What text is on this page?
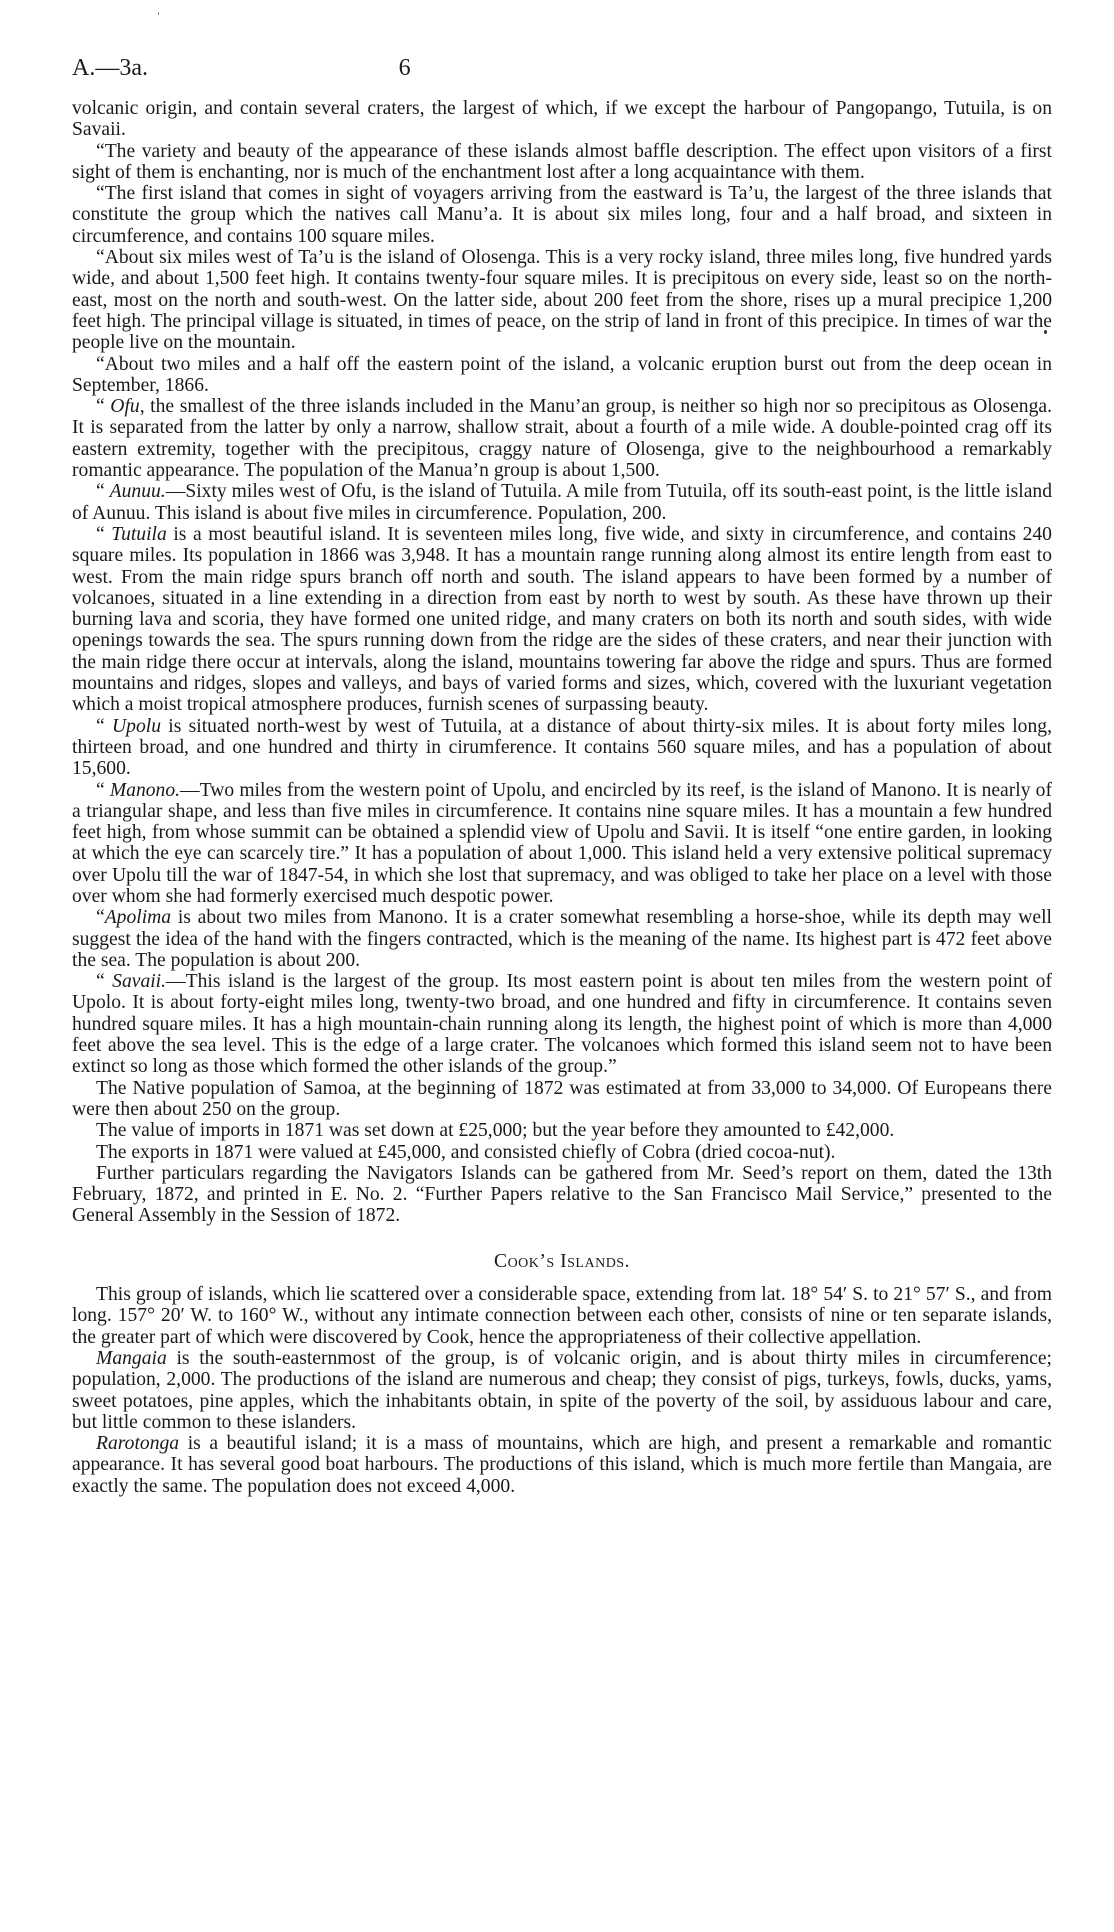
A.—3a.	6

volcanic origin, and contain several craters, the largest of which, if we except the harbour of Pangopango, Tutuila, is on Savaii.

“The variety and beauty of the appearance of these islands almost baffle description. The effect upon visitors of a first sight of them is enchanting, nor is much of the enchantment lost after a long acquaintance with them.

“The first island that comes in sight of voyagers arriving from the eastward is Ta’u, the largest of the three islands that constitute the group which the natives call Manu’a. It is about six miles long, four and a half broad, and sixteen in circumference, and contains 100 square miles.

“About six miles west of Ta’u is the island of Olosenga. This is a very rocky island, three miles long, five hundred yards wide, and about 1,500 feet high. It contains twenty-four square miles. It is precipitous on every side, least so on the north-east, most on the north and south-west. On the latter side, about 200 feet from the shore, rises up a mural precipice 1,200 feet high. The principal village is situated, in times of peace, on the strip of land in front of this precipice. In times of war the people live on the mountain.

“About two miles and a half off the eastern point of the island, a volcanic eruption burst out from the deep ocean in September, 1866.

“ Ofu, the smallest of the three islands included in the Manu’an group, is neither so high nor so precipitous as Olosenga. It is separated from the latter by only a narrow, shallow strait, about a fourth of a mile wide. A double-pointed crag off its eastern extremity, together with the precipitous, craggy nature of Olosenga, give to the neighbourhood a remarkably romantic appearance. The population of the Manua’n group is about 1,500.

“ Aunuu.—Sixty miles west of Ofu, is the island of Tutuila. A mile from Tutuila, off its south-east point, is the little island of Aunuu. This island is about five miles in circumference. Population, 200.

“ Tutuila is a most beautiful island. It is seventeen miles long, five wide, and sixty in circumference, and contains 240 square miles. Its population in 1866 was 3,948. It has a mountain range running along almost its entire length from east to west. From the main ridge spurs branch off north and south. The island appears to have been formed by a number of volcanoes, situated in a line extending in a direction from east by north to west by south. As these have thrown up their burning lava and scoria, they have formed one united ridge, and many craters on both its north and south sides, with wide openings towards the sea. The spurs running down from the ridge are the sides of these craters, and near their junction with the main ridge there occur at intervals, along the island, mountains towering far above the ridge and spurs. Thus are formed mountains and ridges, slopes and valleys, and bays of varied forms and sizes, which, covered with the luxuriant vegetation which a moist tropical atmosphere produces, furnish scenes of surpassing beauty.

“ Upolu is situated north-west by west of Tutuila, at a distance of about thirty-six miles. It is about forty miles long, thirteen broad, and one hundred and thirty in cirumference. It contains 560 square miles, and has a population of about 15,600.

“ Manono.—Two miles from the western point of Upolu, and encircled by its reef, is the island of Manono. It is nearly of a triangular shape, and less than five miles in circumference. It contains nine square miles. It has a mountain a few hundred feet high, from whose summit can be obtained a splendid view of Upolu and Savii. It is itself “one entire garden, in looking at which the eye can scarcely tire.” It has a population of about 1,000. This island held a very extensive political supremacy over Upolu till the war of 1847-54, in which she lost that supremacy, and was obliged to take her place on a level with those over whom she had formerly exercised much despotic power.

“Apolima is about two miles from Manono. It is a crater somewhat resembling a horse-shoe, while its depth may well suggest the idea of the hand with the fingers contracted, which is the meaning of the name. Its highest part is 472 feet above the sea. The population is about 200.

“ Savaii.—This island is the largest of the group. Its most eastern point is about ten miles from the western point of Upolo. It is about forty-eight miles long, twenty-two broad, and one hundred and fifty in circumference. It contains seven hundred square miles. It has a high mountain-chain running along its length, the highest point of which is more than 4,000 feet above the sea level. This is the edge of a large crater. The volcanoes which formed this island seem not to have been extinct so long as those which formed the other islands of the group.”

The Native population of Samoa, at the beginning of 1872 was estimated at from 33,000 to 34,000. Of Europeans there were then about 250 on the group.

The value of imports in 1871 was set down at £25,000; but the year before they amounted to £42,000.

The exports in 1871 were valued at £45,000, and consisted chiefly of Cobra (dried cocoa-nut).

Further particulars regarding the Navigators Islands can be gathered from Mr. Seed’s report on them, dated the 13th February, 1872, and printed in E. No. 2. “Further Papers relative to the San Francisco Mail Service,” presented to the General Assembly in the Session of 1872.

Cook’s Islands.

This group of islands, which lie scattered over a considerable space, extending from lat. 18° 54′ S. to 21° 57′ S., and from long. 157° 20′ W. to 160° W., without any intimate connection between each other, consists of nine or ten separate islands, the greater part of which were discovered by Cook, hence the appropriateness of their collective appellation.

Mangaia is the south-easternmost of the group, is of volcanic origin, and is about thirty miles in circumference; population, 2,000. The productions of the island are numerous and cheap; they consist of pigs, turkeys, fowls, ducks, yams, sweet potatoes, pine apples, which the inhabitants obtain, in spite of the poverty of the soil, by assiduous labour and care, but little common to these islanders.

Rarotonga is a beautiful island; it is a mass of mountains, which are high, and present a remarkable and romantic appearance. It has several good boat harbours. The productions of this island, which is much more fertile than Mangaia, are exactly the same. The population does not exceed 4,000.
